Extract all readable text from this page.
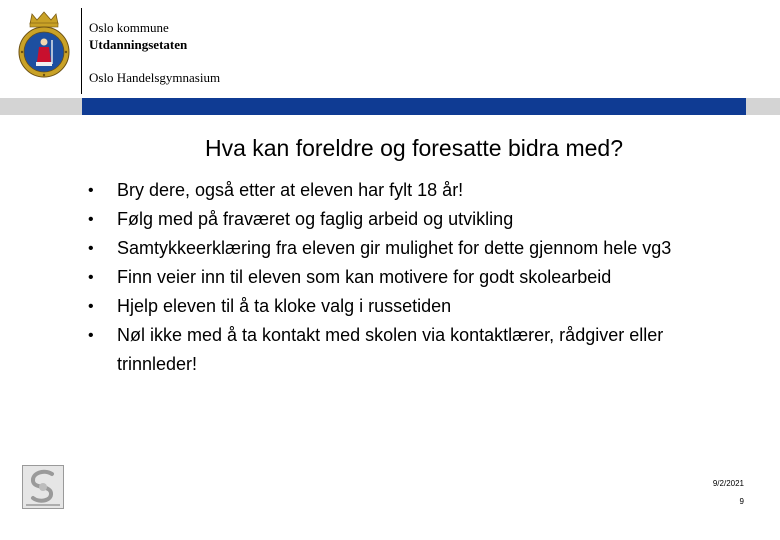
Oslo kommune
Utdanningsetaten
Oslo Handelsgymnasium
Hva kan foreldre og foresatte bidra med?
• Bry dere, også etter at eleven har fylt 18 år!
• Følg med på fraværet og faglig arbeid og utvikling
• Samtykkeerklæring fra eleven gir mulighet for dette gjennom hele vg3
• Finn veier inn til eleven som kan motivere for godt skolearbeid
• Hjelp eleven til å ta kloke valg i russetiden
• Nøl ikke med å ta kontakt med skolen via kontaktlærer, rådgiver eller trinnleder!
9/2/2021
9
